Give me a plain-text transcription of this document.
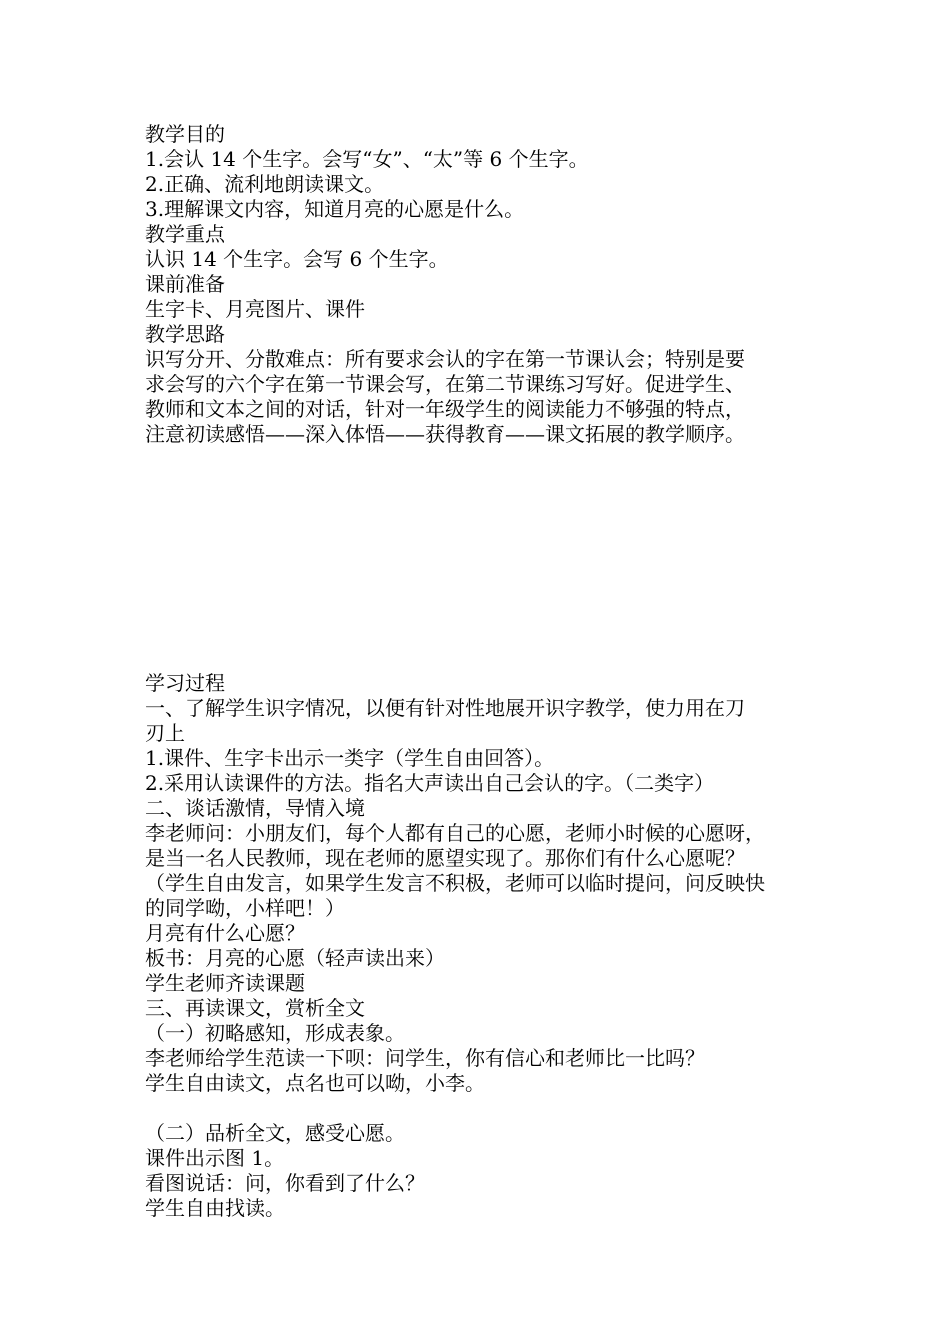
教学目的
1.会认 14 个生字。会写“女”、“太”等 6 个生字。
2.正确、流利地朗读课文。
3.理解课文内容，知道月亮的心愿是什么。
教学重点
认识 14 个生字。会写 6 个生字。
课前准备
生字卡、月亮图片、课件
教学思路
识写分开、分散难点：所有要求会认的字在第一节课认会；特别是要
求会写的六个字在第一节课会写，在第二节课练习写好。促进学生、
教师和文本之间的对话，针对一年级学生的阅读能力不够强的特点，
注意初读感悟——深入体悟——获得教育——课文拓展的教学顺序。
学习过程
一、了解学生识字情况，以便有针对性地展开识字教学，使力用在刀
刃上
1.课件、生字卡出示一类字（学生自由回答）。
2.采用认读课件的方法。指名大声读出自己会认的字。（二类字）
二、谈话激情，导情入境
李老师问：小朋友们，每个人都有自己的心愿，老师小时候的心愿呀，
是当一名人民教师，现在老师的愿望实现了。那你们有什么心愿呢？
（学生自由发言，如果学生发言不积极，老师可以临时提问，问反映快
的同学呦，小样吧！）
月亮有什么心愿？
板书：月亮的心愿（轻声读出来）
学生老师齐读课题
三、再读课文，赏析全文
（一）初略感知，形成表象。
李老师给学生范读一下呗：问学生，你有信心和老师比一比吗？
学生自由读文，点名也可以呦，小李。
（二）品析全文，感受心愿。
课件出示图 1。
看图说话：问，你看到了什么？
学生自由找读。
